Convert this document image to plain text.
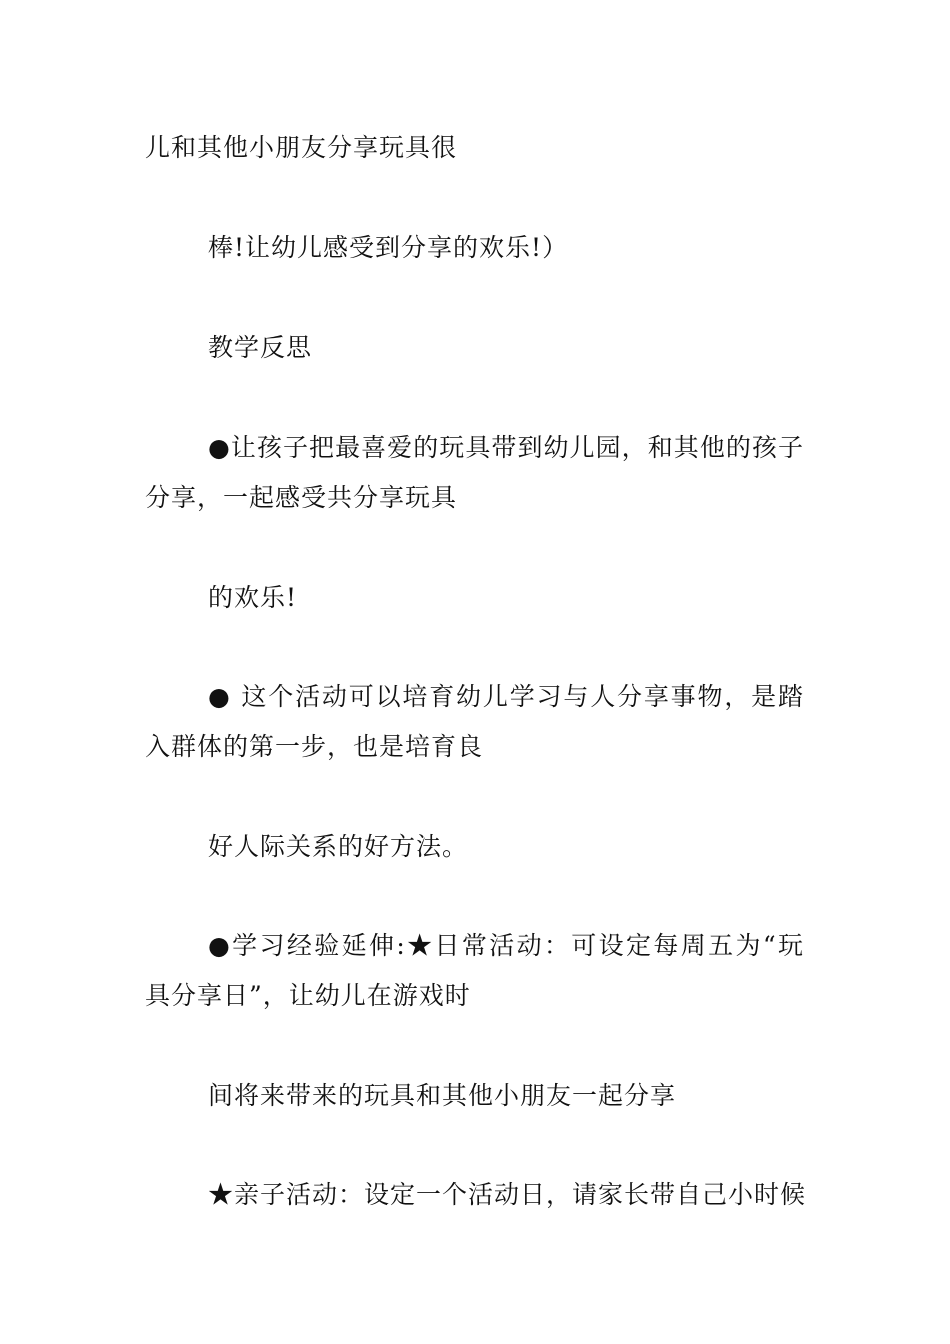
儿和其他小朋友分享玩具很
棒!让幼儿感受到分享的欢乐!）
教学反思
●让孩子把最喜爱的玩具带到幼儿园，和其他的孩子
分享，一起感受共分享玩具
的欢乐!
● 这个活动可以培育幼儿学习与人分享事物，是踏
入群体的第一步，也是培育良
好人际关系的好方法。
●学习经验延伸:★日常活动：可设定每周五为“玩
具分享日”，让幼儿在游戏时
间将来带来的玩具和其他小朋友一起分享
★亲子活动：设定一个活动日，请家长带自己小时候
